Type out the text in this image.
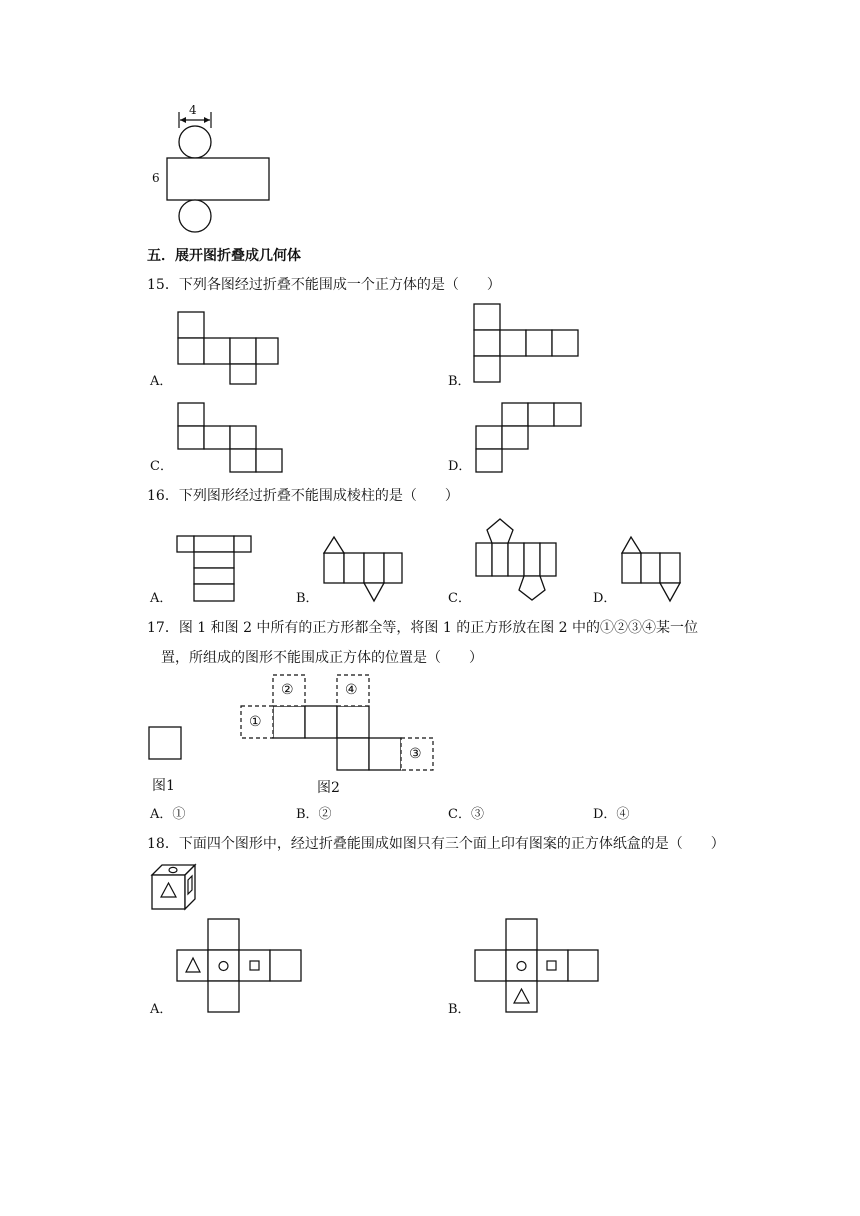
4
6
五．展开图折叠成几何体
15．下列各图经过折叠不能围成一个正方体的是（　　）
A．	B．
C．	D．
16．下列图形经过折叠不能围成棱柱的是（　　）
A．	B．	C．	D．
17．图 1 和图 2 中所有的正方形都全等，将图 1 的正方形放在图 2 中的①②③④某一位
置，所组成的图形不能围成正方体的位置是（　　）
①
②
③
④
图1	图2
A．①	B．②	C．③	D．④
18．下面四个图形中，经过折叠能围成如图只有三个面上印有图案的正方体纸盒的是（　　）
A．	B．
